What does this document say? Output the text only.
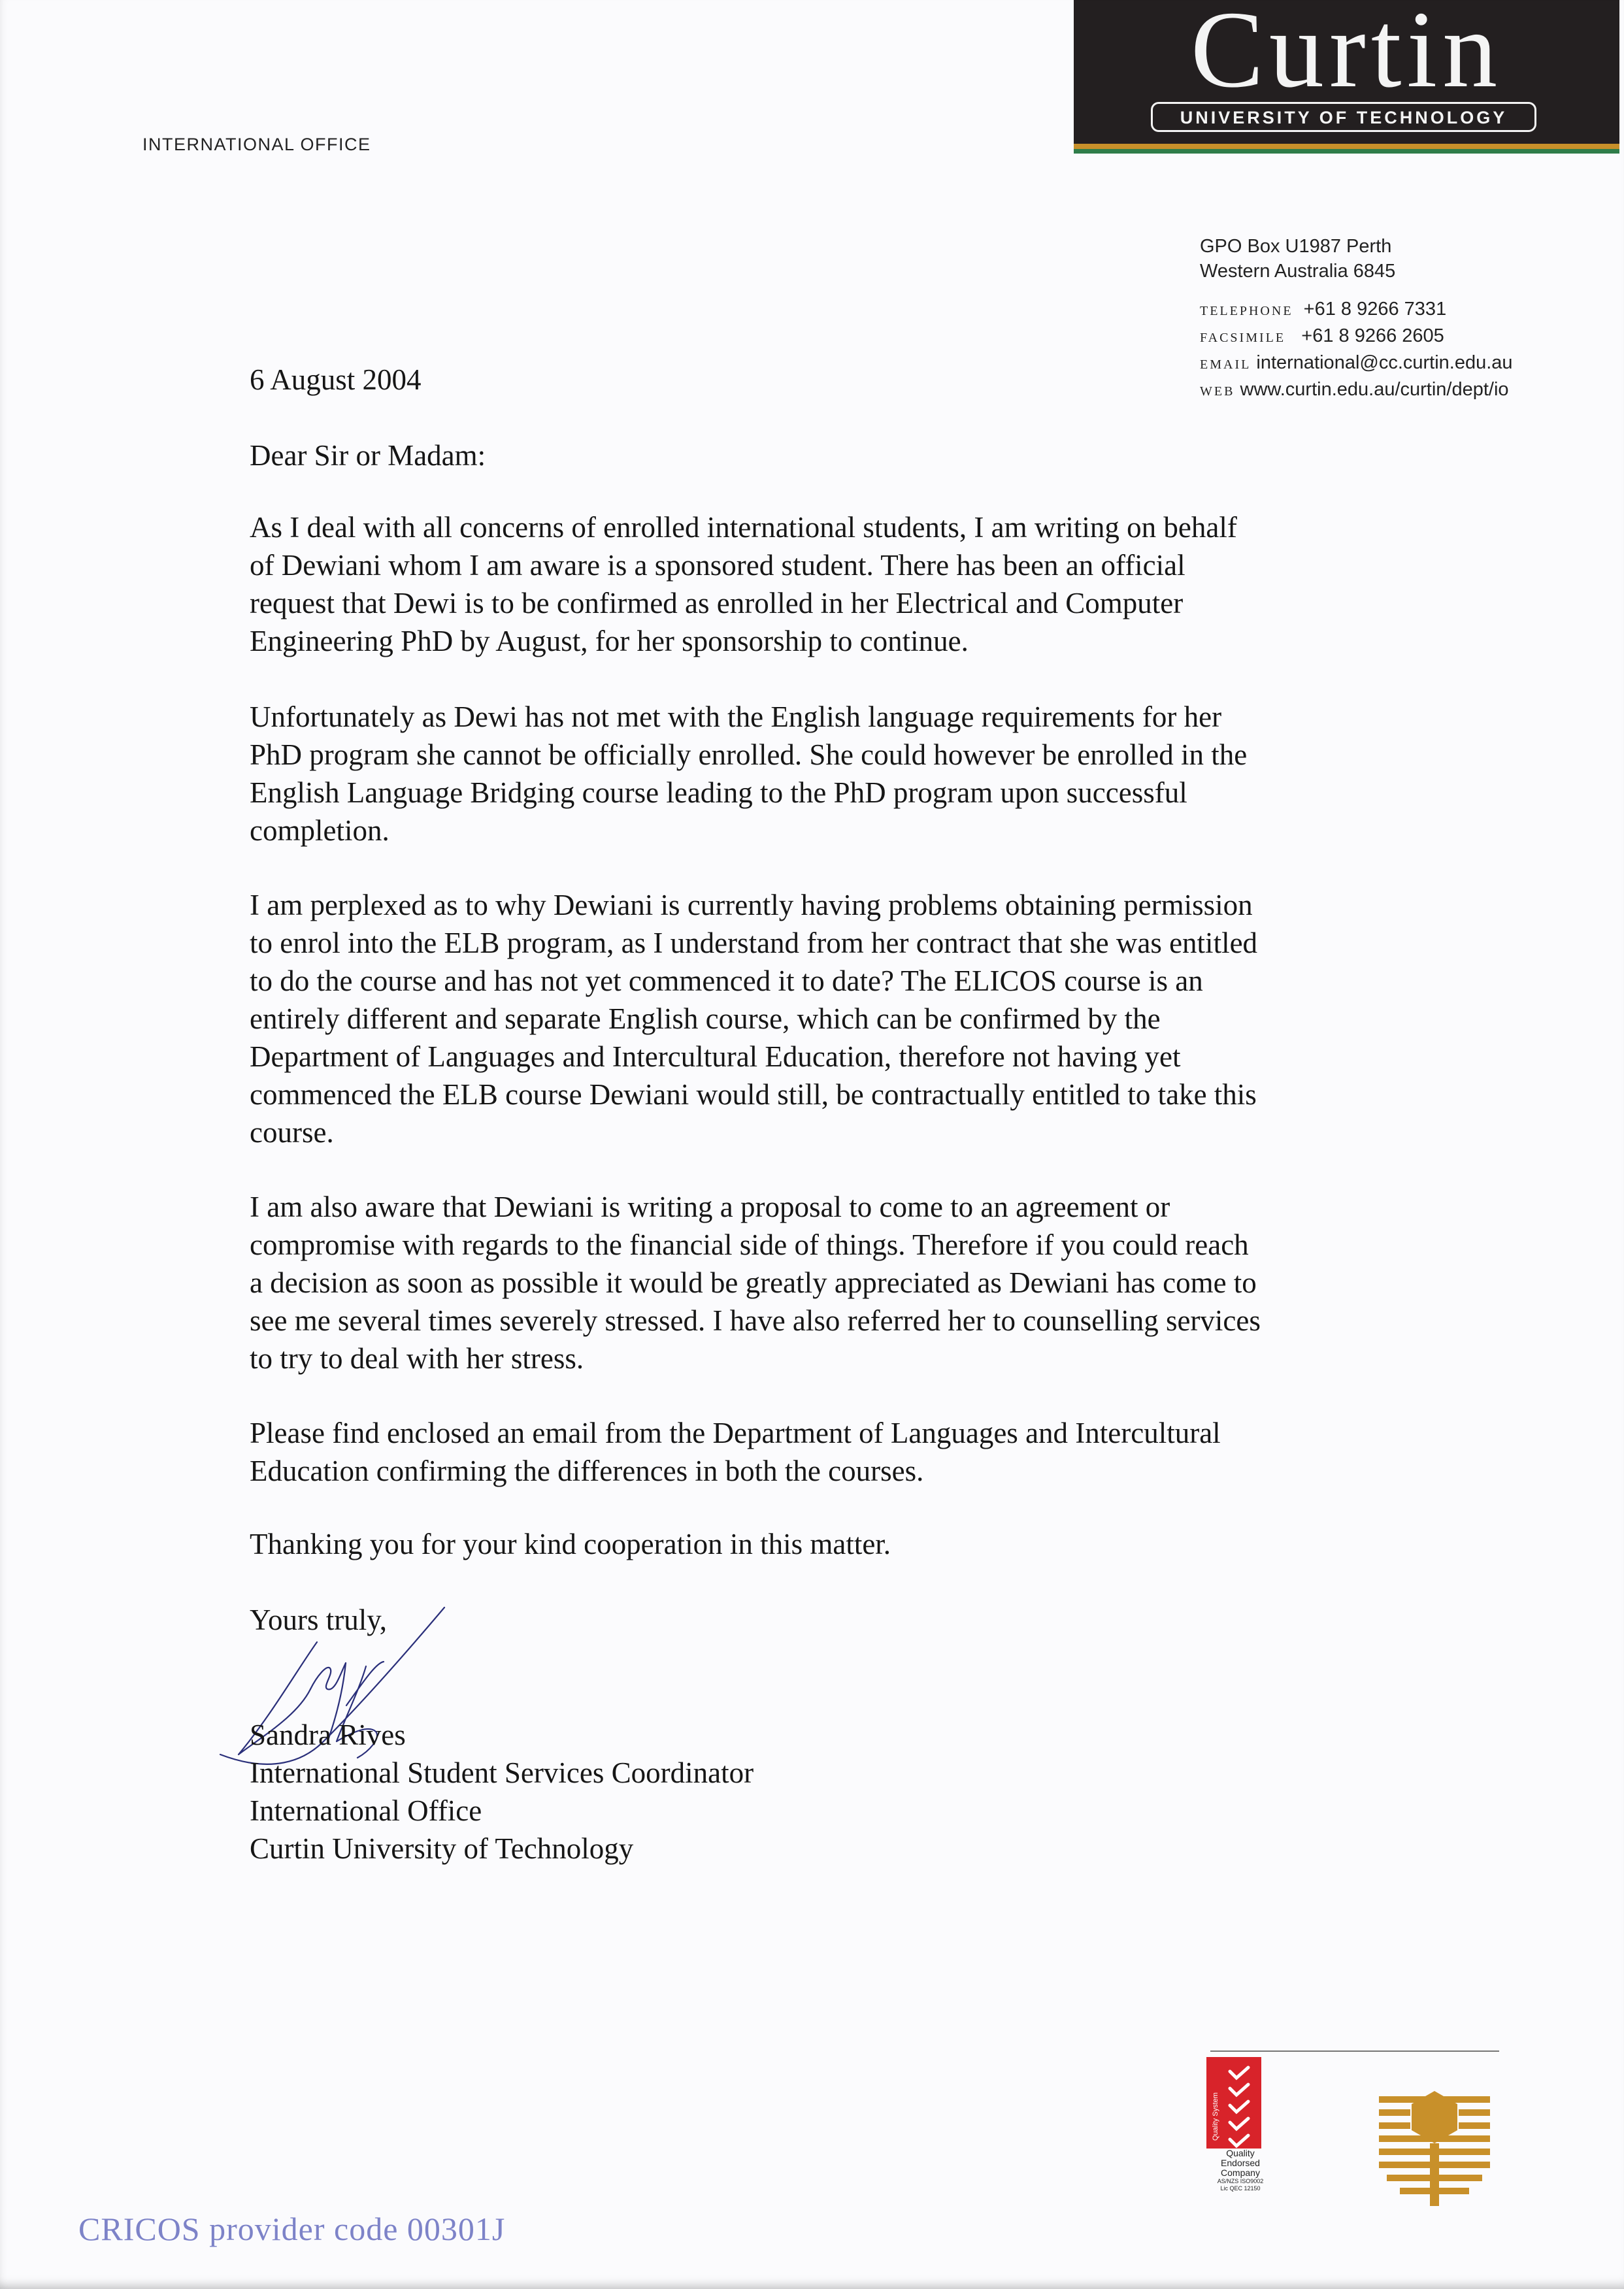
INTERNATIONAL OFFICE
Curtin
UNIVERSITY OF TECHNOLOGY
GPO Box U1987 Perth
Western Australia 6845
TELEPHONE +61 8 9266 7331
FACSIMILE +61 8 9266 2605
EMAIL international@cc.curtin.edu.au
WEB www.curtin.edu.au/curtin/dept/io
6 August 2004
Dear Sir or Madam:
As I deal with all concerns of enrolled international students, I am writing on behalf
of Dewiani whom I am aware is a sponsored student. There has been an official
request that Dewi is to be confirmed as enrolled in her Electrical and Computer
Engineering PhD by August, for her sponsorship to continue.
Unfortunately as Dewi has not met with the English language requirements for her
PhD program she cannot be officially enrolled. She could however be enrolled in the
English Language Bridging course leading to the PhD program upon successful
completion.
I am perplexed as to why Dewiani is currently having problems obtaining permission
to enrol into the ELB program, as I understand from her contract that she was entitled
to do the course and has not yet commenced it to date? The ELICOS course is an
entirely different and separate English course, which can be confirmed by the
Department of Languages and Intercultural Education, therefore not having yet
commenced the ELB course Dewiani would still, be contractually entitled to take this
course.
I am also aware that Dewiani is writing a proposal to come to an agreement or
compromise with regards to the financial side of things. Therefore if you could reach
a decision as soon as possible it would be greatly appreciated as Dewiani has come to
see me several times severely stressed. I have also referred her to counselling services
to try to deal with her stress.
Please find enclosed an email from the Department of Languages and Intercultural
Education confirming the differences in both the courses.
Thanking you for your kind cooperation in this matter.
Yours truly,
Sandra Rives
International Student Services Coordinator
International Office
Curtin University of Technology
Quality System
Quality
Endorsed
Company
AS/NZS ISO9002
Lic QEC 12150
CRICOS provider code 00301J
